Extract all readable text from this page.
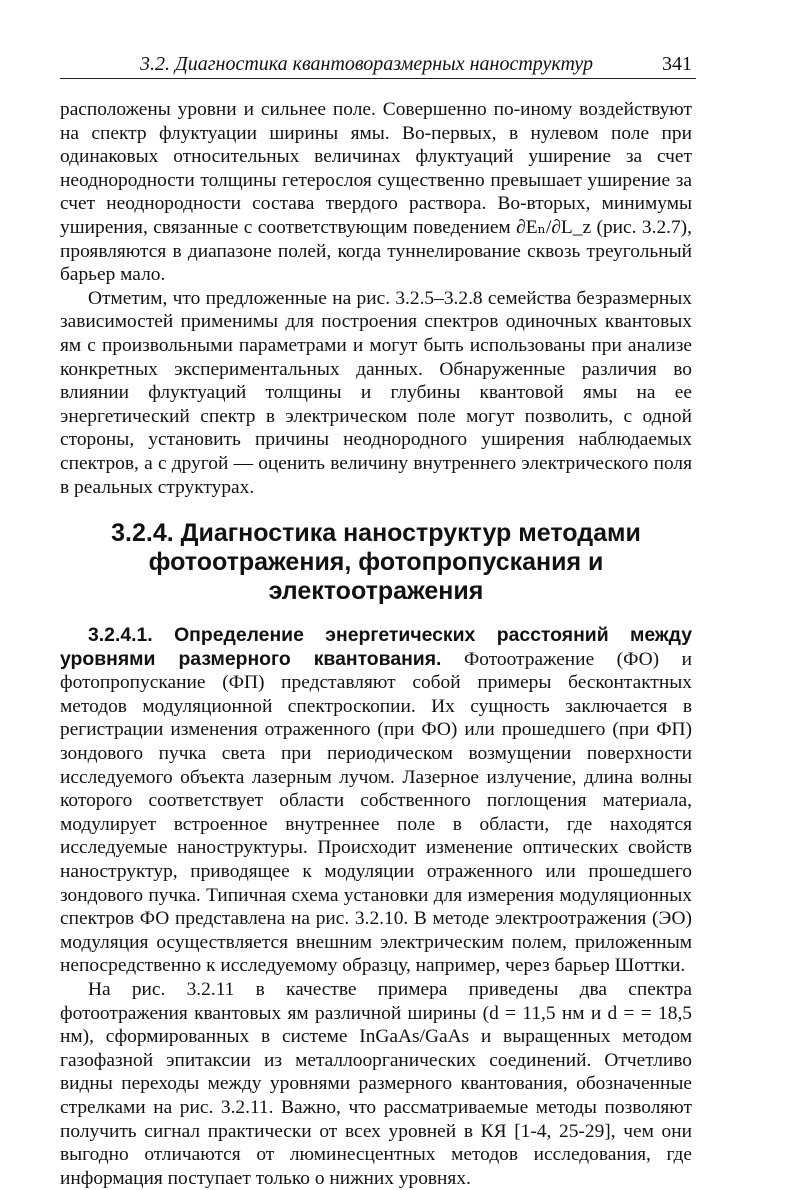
3.2. Диагностика квантоворазмерных наноструктур	341

расположены уровни и сильнее поле. Совершенно по-иному воздействуют на спектр флуктуации ширины ямы. Во-первых, в нулевом поле при одинаковых относительных величинах флуктуаций уширение за счет неоднородности толщины гетерослоя существенно превышает уширение за счет неоднородности состава твердого раствора. Во-вторых, минимумы уширения, связанные с соответствующим поведением ∂Eₙ/∂L_z (рис. 3.2.7), проявляются в диапазоне полей, когда туннелирование сквозь треугольный барьер мало.

Отметим, что предложенные на рис. 3.2.5–3.2.8 семейства безразмерных зависимостей применимы для построения спектров одиночных квантовых ям с произвольными параметрами и могут быть использованы при анализе конкретных экспериментальных данных. Обнаруженные различия во влиянии флуктуаций толщины и глубины квантовой ямы на ее энергетический спектр в электрическом поле могут позволить, с одной стороны, установить причины неоднородного уширения наблюдаемых спектров, а с другой — оценить величину внутреннего электрического поля в реальных структурах.

3.2.4. Диагностика наноструктур методами фотоотражения, фотопропускания и электоотражения

3.2.4.1. Определение энергетических расстояний между уровнями размерного квантования. Фотоотражение (ФО) и фотопропускание (ФП) представляют собой примеры бесконтактных методов модуляционной спектроскопии. Их сущность заключается в регистрации изменения отраженного (при ФО) или прошедшего (при ФП) зондового пучка света при периодическом возмущении поверхности исследуемого объекта лазерным лучом. Лазерное излучение, длина волны которого соответствует области собственного поглощения материала, модулирует встроенное внутреннее поле в области, где находятся исследуемые наноструктуры. Происходит изменение оптических свойств наноструктур, приводящее к модуляции отраженного или прошедшего зондового пучка. Типичная схема установки для измерения модуляционных спектров ФО представлена на рис. 3.2.10. В методе электроотражения (ЭО) модуляция осуществляется внешним электрическим полем, приложенным непосредственно к исследуемому образцу, например, через барьер Шоттки.

На рис. 3.2.11 в качестве примера приведены два спектра фотоотражения квантовых ям различной ширины (d = 11,5 нм и d = = 18,5 нм), сформированных в системе InGaAs/GaAs и выращенных методом газофазной эпитаксии из металлоорганических соединений. Отчетливо видны переходы между уровнями размерного квантования, обозначенные стрелками на рис. 3.2.11. Важно, что рассматриваемые методы позволяют получить сигнал практически от всех уровней в КЯ [1-4, 25-29], чем они выгодно отличаются от люминесцентных методов исследования, где информация поступает только о нижних уровнях.
